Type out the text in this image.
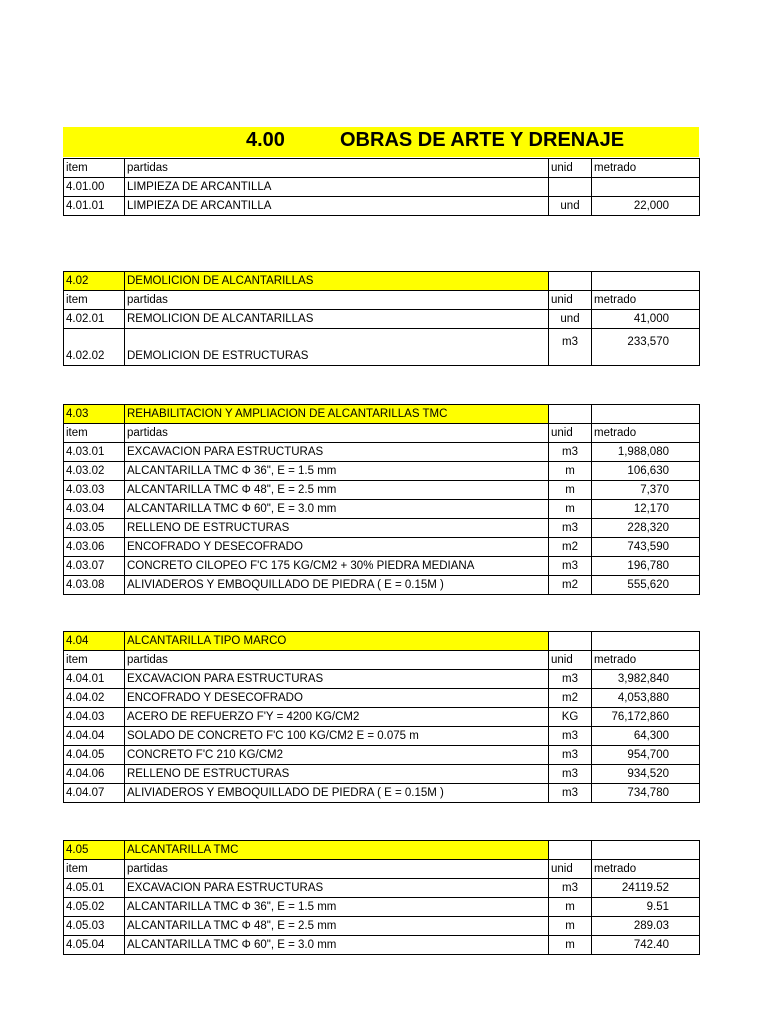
4.00	OBRAS DE ARTE Y DRENAJE
item	partidas	unid	metrado
4.01.00	LIMPIEZA DE ARCANTILLA		
4.01.01	LIMPIEZA DE ARCANTILLA	und	22,000
4.02	DEMOLICION DE ALCANTARILLAS		
item	partidas	unid	metrado
4.02.01	REMOLICION DE ALCANTARILLAS	und	41,000
4.02.02	DEMOLICION DE ESTRUCTURAS	m3	233,570
4.03	REHABILITACION Y AMPLIACION DE ALCANTARILLAS TMC		
item	partidas	unid	metrado
4.03.01	EXCAVACION PARA ESTRUCTURAS	m3	1,988,080
4.03.02	ALCANTARILLA TMC Φ 36", E = 1.5 mm	m	106,630
4.03.03	ALCANTARILLA TMC Φ 48", E = 2.5 mm	m	7,370
4.03.04	ALCANTARILLA TMC Φ 60", E = 3.0 mm	m	12,170
4.03.05	RELLENO DE ESTRUCTURAS	m3	228,320
4.03.06	ENCOFRADO Y DESECOFRADO	m2	743,590
4.03.07	CONCRETO CILOPEO F'C 175 KG/CM2 + 30% PIEDRA MEDIANA	m3	196,780
4.03.08	ALIVIADEROS Y EMBOQUILLADO DE PIEDRA ( E = 0.15M )	m2	555,620
4.04	ALCANTARILLA TIPO MARCO		
item	partidas	unid	metrado
4.04.01	EXCAVACION PARA ESTRUCTURAS	m3	3,982,840
4.04.02	ENCOFRADO Y DESECOFRADO	m2	4,053,880
4.04.03	ACERO DE REFUERZO F'Y = 4200 KG/CM2	KG	76,172,860
4.04.04	SOLADO DE CONCRETO F'C 100 KG/CM2 E = 0.075 m	m3	64,300
4.04.05	CONCRETO F'C 210 KG/CM2	m3	954,700
4.04.06	RELLENO DE ESTRUCTURAS	m3	934,520
4.04.07	ALIVIADEROS Y EMBOQUILLADO DE PIEDRA ( E = 0.15M )	m3	734,780
4.05	ALCANTARILLA TMC		
item	partidas	unid	metrado
4.05.01	EXCAVACION PARA ESTRUCTURAS	m3	24119.52
4.05.02	ALCANTARILLA TMC Φ 36", E = 1.5 mm	m	9.51
4.05.03	ALCANTARILLA TMC Φ 48", E = 2.5 mm	m	289.03
4.05.04	ALCANTARILLA TMC Φ 60", E = 3.0 mm	m	742.40
